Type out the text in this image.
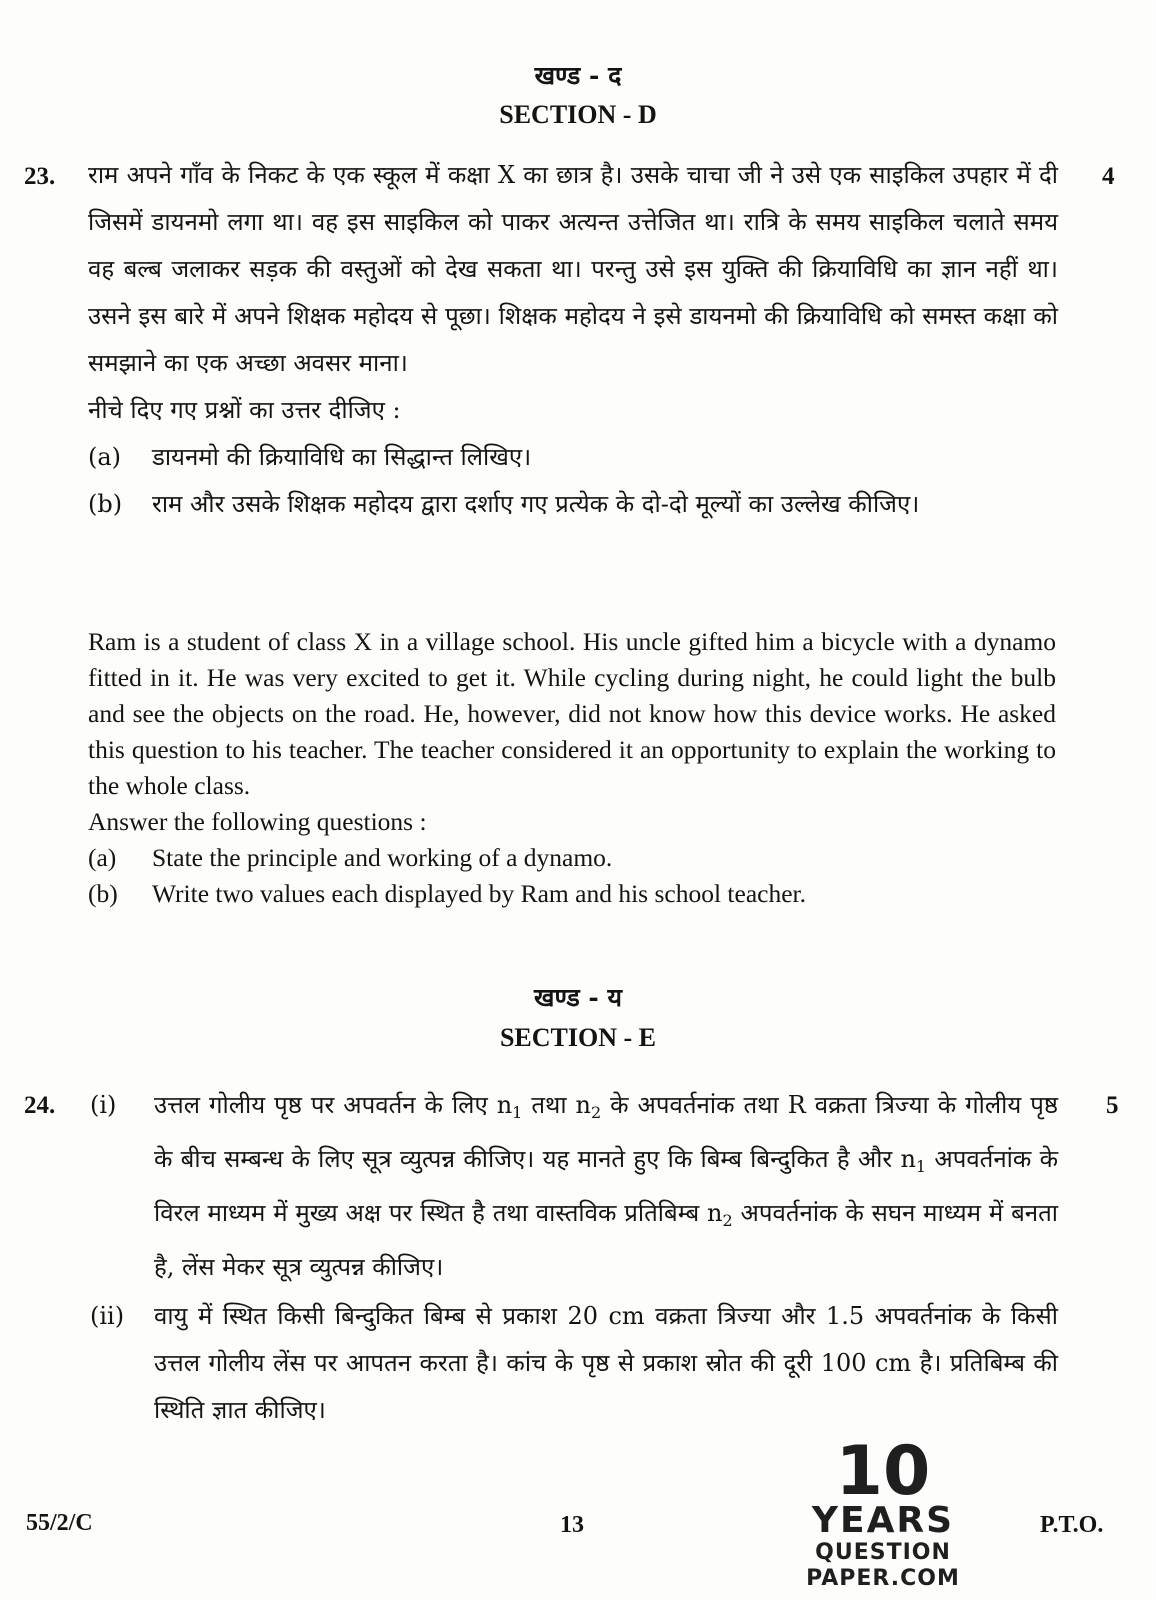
खण्ड - द
SECTION - D
23.	4

राम अपने गाँव के निकट के एक स्कूल में कक्षा X का छात्र है। उसके चाचा जी ने उसे एक साइकिल उपहार में दी जिसमें डायनमो लगा था। वह इस साइकिल को पाकर अत्यन्त उत्तेजित था। रात्रि के समय साइकिल चलाते समय वह बल्ब जलाकर सड़क की वस्तुओं को देख सकता था। परन्तु उसे इस युक्ति की क्रियाविधि का ज्ञान नहीं था। उसने इस बारे में अपने शिक्षक महोदय से पूछा। शिक्षक महोदय ने इसे डायनमो की क्रियाविधि को समस्त कक्षा को समझाने का एक अच्छा अवसर माना।

नीचे दिए गए प्रश्नों का उत्तर दीजिए :

(a) डायनमो की क्रियाविधि का सिद्धान्त लिखिए।

(b) राम और उसके शिक्षक महोदय द्वारा दर्शाए गए प्रत्येक के दो-दो मूल्यों का उल्लेख कीजिए।

Ram is a student of class X in a village school. His uncle gifted him a bicycle with a dynamo fitted in it. He was very excited to get it. While cycling during night, he could light the bulb and see the objects on the road. He, however, did not know how this device works. He asked this question to his teacher. The teacher considered it an opportunity to explain the working to the whole class.

Answer the following questions :

(a) State the principle and working of a dynamo.

(b) Write two values each displayed by Ram and his school teacher.

खण्ड - य
SECTION - E
24.	5

(i) उत्तल गोलीय पृष्ठ पर अपवर्तन के लिए $n_1$ तथा $n_2$ के अपवर्तनांक तथा R वक्रता त्रिज्या के गोलीय पृष्ठ के बीच सम्बन्ध के लिए सूत्र व्युत्पन्न कीजिए। यह मानते हुए कि बिम्ब बिन्दुकित है और $n_1$ अपवर्तनांक के विरल माध्यम में मुख्य अक्ष पर स्थित है तथा वास्तविक प्रतिबिम्ब $n_2$ अपवर्तनांक के सघन माध्यम में बनता है, लेंस मेकर सूत्र व्युत्पन्न कीजिए।

(ii) वायु में स्थित किसी बिन्दुकित बिम्ब से प्रकाश 20 cm वक्रता त्रिज्या और 1.5 अपवर्तनांक के किसी उत्तल गोलीय लेंस पर आपतन करता है। कांच के पृष्ठ से प्रकाश स्रोत की दूरी 100 cm है। प्रतिबिम्ब की स्थिति ज्ञात कीजिए।

55/2/C	13	P.T.O.
10
YEARS
QUESTION PAPER.COM
